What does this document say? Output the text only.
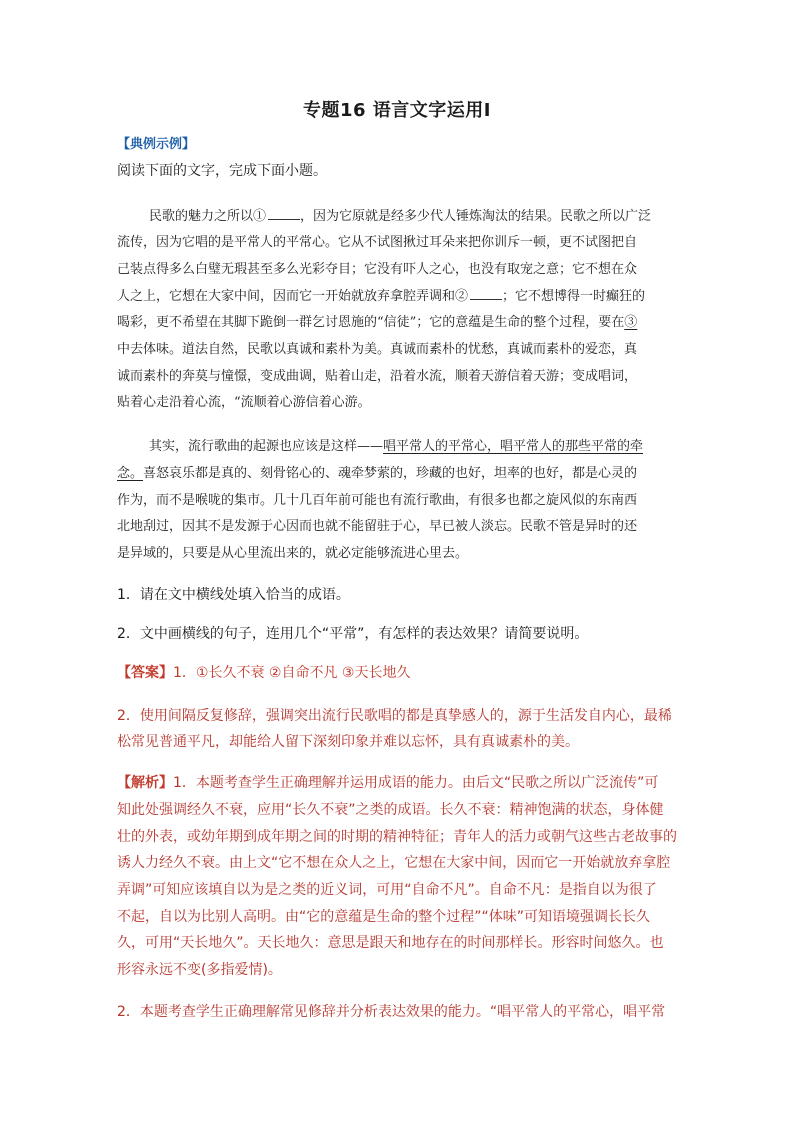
专题16 语言文字运用Ⅰ
【典例示例】
阅读下面的文字，完成下面小题。
民歌的魅力之所以①	，因为它原就是经多少代人锤炼淘汰的结果。民歌之所以广泛
流传，因为它唱的是平常人的平常心。它从不试图揪过耳朵来把你训斥一顿，更不试图把自
己装点得多么白璧无瑕甚至多么光彩夺目；它没有吓人之心，也没有取宠之意；它不想在众
人之上，它想在大家中间，因而它一开始就放弃拿腔弄调和②	；它不想博得一时癫狂的
喝彩，更不希望在其脚下跪倒一群乞讨恩施的“信徒”；它的意蕴是生命的整个过程，要在③
中去体味。道法自然，民歌以真诚和素朴为美。真诚而素朴的忧愁，真诚而素朴的爱恋，真
诚而素朴的奔莫与憧憬，变成曲调，贴着山走，沿着水流，顺着天游信着天游；变成唱词，
贴着心走沿着心流，“流顺着心游信着心游。
其实，流行歌曲的起源也应该是这样——唱平常人的平常心，唱平常人的那些平常的牵
念。喜怒哀乐都是真的、刻骨铭心的、魂牵梦萦的，珍藏的也好，坦率的也好，都是心灵的
作为，而不是喉咙的集市。几十几百年前可能也有流行歌曲，有很多也都之旋风似的东南西
北地刮过，因其不是发源于心因而也就不能留驻于心，早已被人淡忘。民歌不管是异时的还
是异域的，只要是从心里流出来的，就必定能够流进心里去。
1．请在文中横线处填入恰当的成语。
2．文中画横线的句子，连用几个“平常”，有怎样的表达效果？请简要说明。
【答案】1．①长久不衰 ②自命不凡 ③天长地久
2．使用间隔反复修辞，强调突出流行民歌唱的都是真挚感人的，源于生活发自内心，最稀
松常见普通平凡，却能给人留下深刻印象并难以忘怀，具有真诚素朴的美。
【解析】1．本题考查学生正确理解并运用成语的能力。由后文“民歌之所以广泛流传”可
知此处强调经久不衰，应用“长久不衰”之类的成语。长久不衰：精神饱满的状态，身体健
壮的外表，或幼年期到成年期之间的时期的精神特征；青年人的活力或朝气这些古老故事的
诱人力经久不衰。由上文“它不想在众人之上，它想在大家中间，因而它一开始就放弃拿腔
弄调”可知应该填自以为是之类的近义词，可用“自命不凡”。自命不凡：是指自以为很了
不起，自以为比别人高明。由“它的意蕴是生命的整个过程”“体味”可知语境强调长长久
久，可用“天长地久”。天长地久：意思是跟天和地存在的时间那样长。形容时间悠久。也
形容永远不变(多指爱情)。
2．本题考查学生正确理解常见修辞并分析表达效果的能力。“唱平常人的平常心，唱平常
